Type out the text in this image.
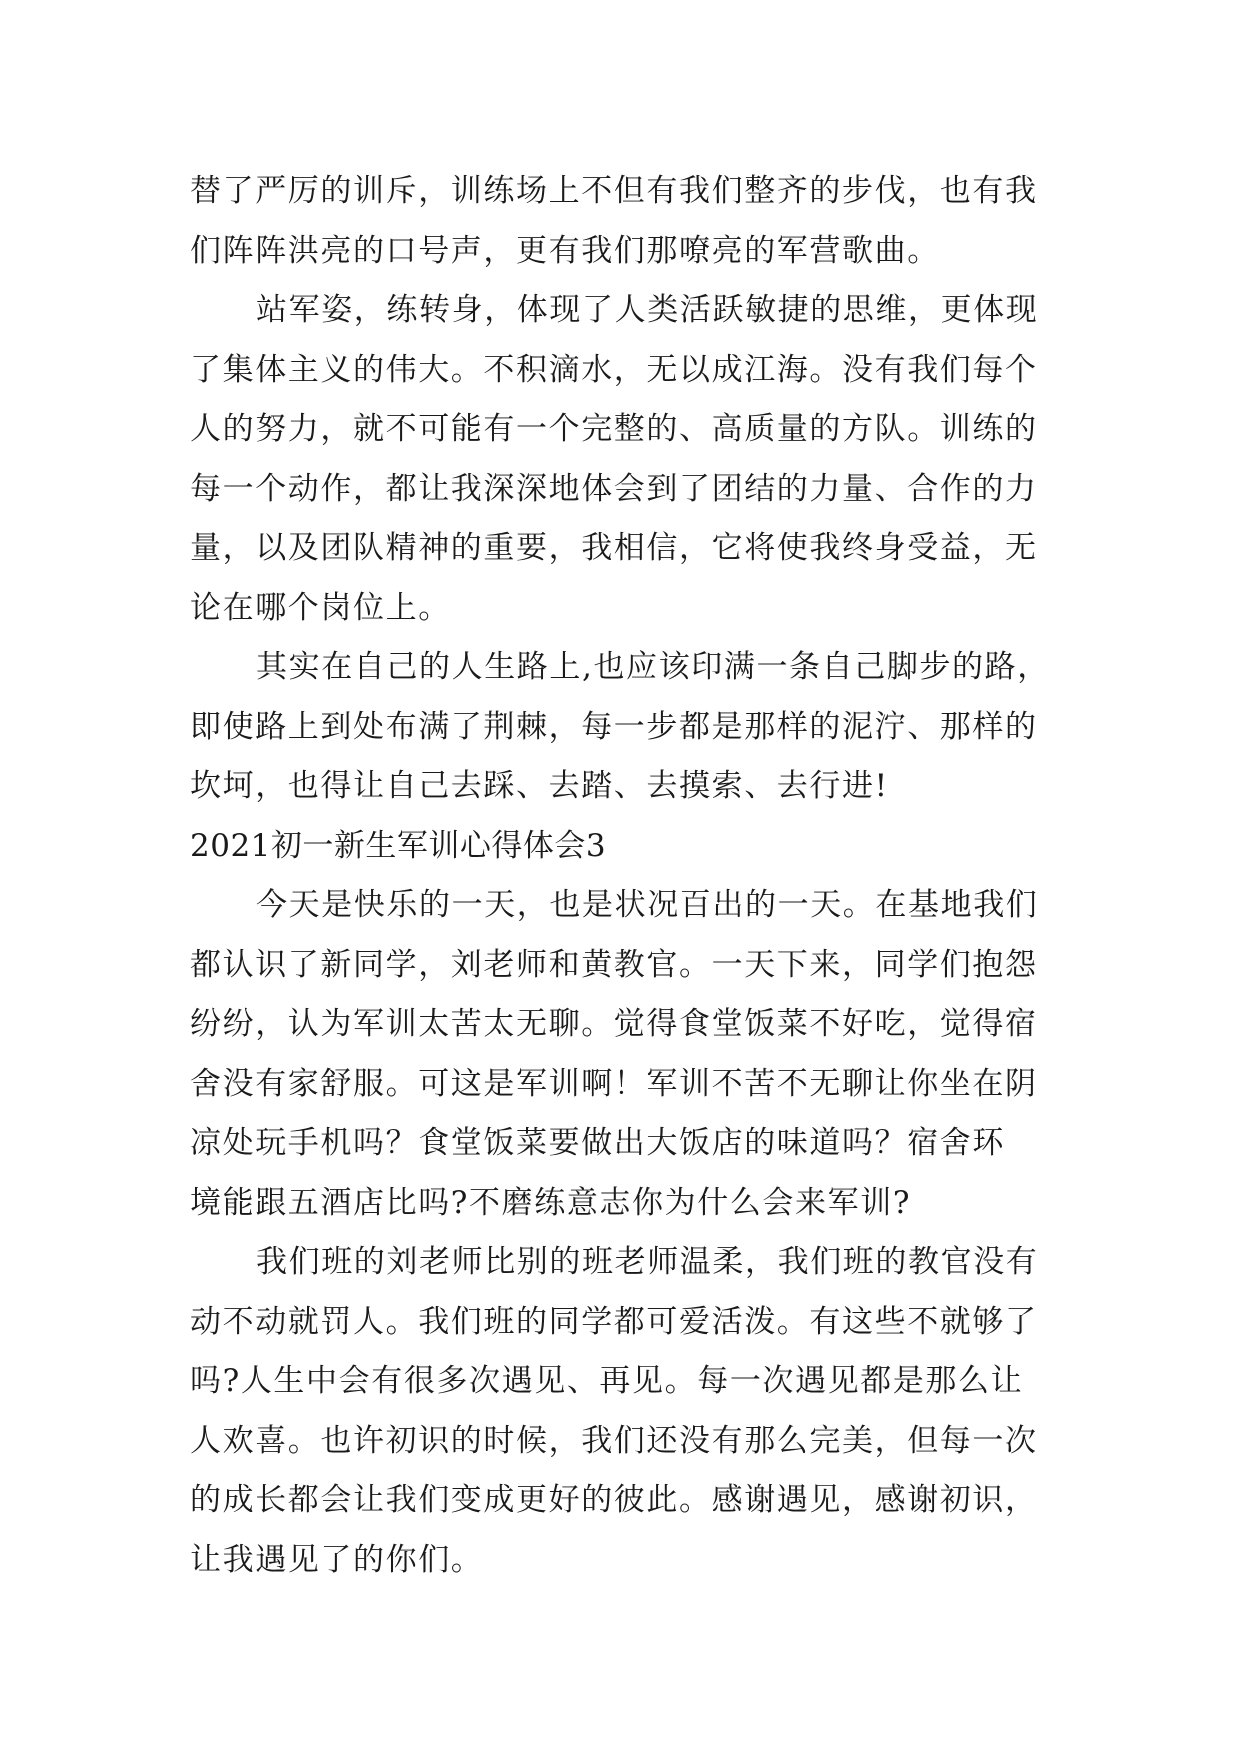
替了严厉的训斥，训练场上不但有我们整齐的步伐，也有我
们阵阵洪亮的口号声，更有我们那嘹亮的军营歌曲。
站军姿，练转身，体现了人类活跃敏捷的思维，更体现
了集体主义的伟大。不积滴水，无以成江海。没有我们每个
人的努力，就不可能有一个完整的、高质量的方队。训练的
每一个动作，都让我深深地体会到了团结的力量、合作的力
量，以及团队精神的重要，我相信，它将使我终身受益，无
论在哪个岗位上。
其实在自己的人生路上,也应该印满一条自己脚步的路，
即使路上到处布满了荆棘，每一步都是那样的泥泞、那样的
坎坷，也得让自己去踩、去踏、去摸索、去行进!
2021初一新生军训心得体会3
今天是快乐的一天，也是状况百出的一天。在基地我们
都认识了新同学，刘老师和黄教官。一天下来，同学们抱怨
纷纷，认为军训太苦太无聊。觉得食堂饭菜不好吃，觉得宿
舍没有家舒服。可这是军训啊！军训不苦不无聊让你坐在阴
凉处玩手机吗？食堂饭菜要做出大饭店的味道吗？宿舍环
境能跟五酒店比吗?不磨练意志你为什么会来军训?
我们班的刘老师比别的班老师温柔，我们班的教官没有
动不动就罚人。我们班的同学都可爱活泼。有这些不就够了
吗?人生中会有很多次遇见、再见。每一次遇见都是那么让
人欢喜。也许初识的时候，我们还没有那么完美，但每一次
的成长都会让我们变成更好的彼此。感谢遇见，感谢初识，
让我遇见了的你们。
